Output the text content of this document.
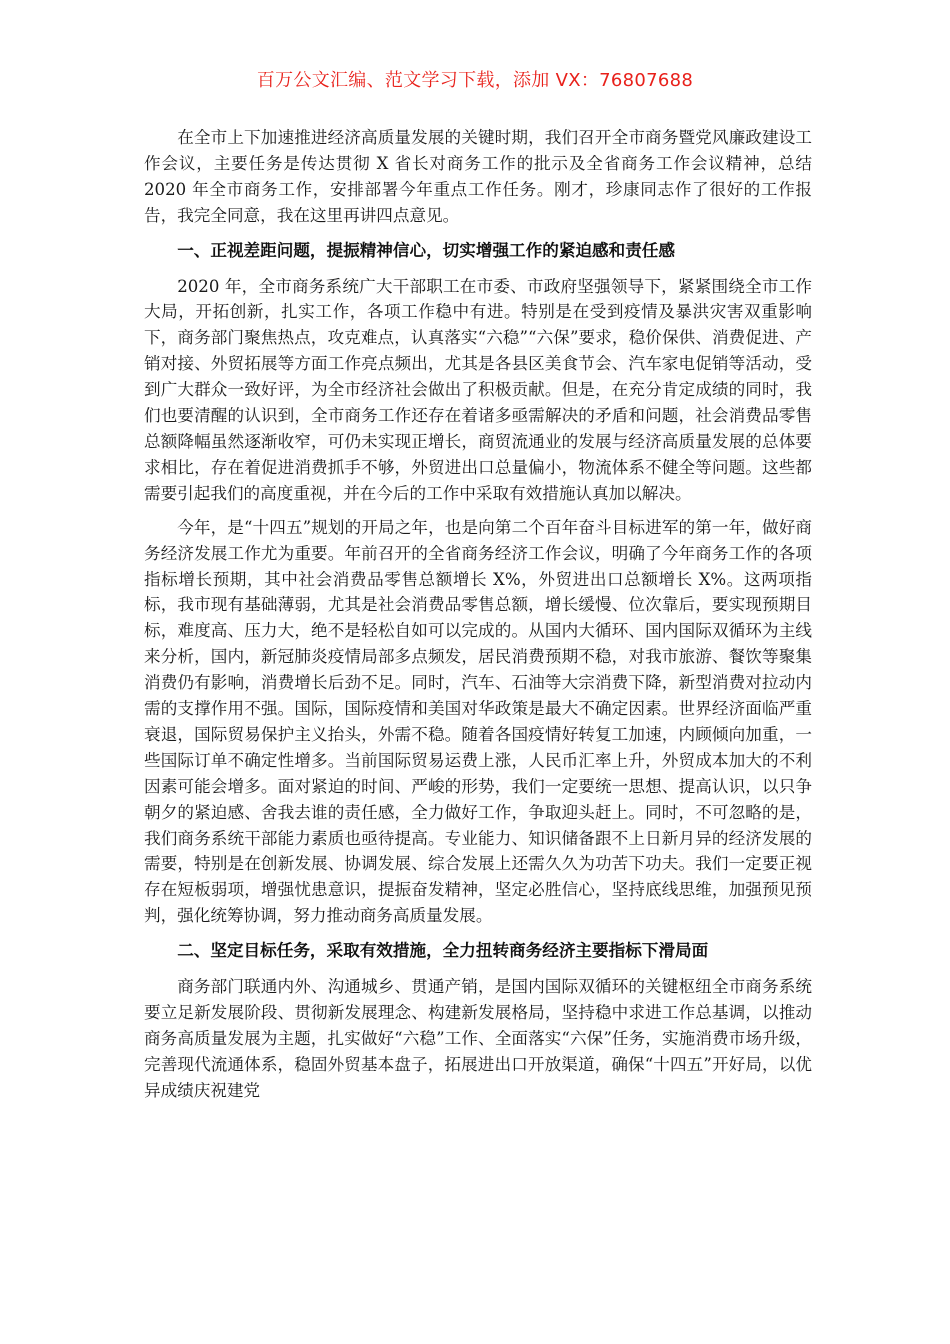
百万公文汇编、范文学习下载，添加 VX：76807688

在全市上下加速推进经济高质量发展的关键时期，我们召开全市商务暨党风廉政建设工作会议，主要任务是传达贯彻 X 省长对商务工作的批示及全省商务工作会议精神，总结 2020 年全市商务工作，安排部署今年重点工作任务。刚才，珍康同志作了很好的工作报告，我完全同意，我在这里再讲四点意见。

一、正视差距问题，提振精神信心，切实增强工作的紧迫感和责任感

2020 年，全市商务系统广大干部职工在市委、市政府坚强领导下，紧紧围绕全市工作大局，开拓创新，扎实工作，各项工作稳中有进。特别是在受到疫情及暴洪灾害双重影响下，商务部门聚焦热点，攻克难点，认真落实“六稳”“六保”要求，稳价保供、消费促进、产销对接、外贸拓展等方面工作亮点频出，尤其是各县区美食节会、汽车家电促销等活动，受到广大群众一致好评，为全市经济社会做出了积极贡献。但是，在充分肯定成绩的同时，我们也要清醒的认识到，全市商务工作还存在着诸多亟需解决的矛盾和问题，社会消费品零售总额降幅虽然逐渐收窄，可仍未实现正增长，商贸流通业的发展与经济高质量发展的总体要求相比，存在着促进消费抓手不够，外贸进出口总量偏小，物流体系不健全等问题。这些都需要引起我们的高度重视，并在今后的工作中采取有效措施认真加以解决。

今年，是“十四五”规划的开局之年，也是向第二个百年奋斗目标进军的第一年，做好商务经济发展工作尤为重要。年前召开的全省商务经济工作会议，明确了今年商务工作的各项指标增长预期，其中社会消费品零售总额增长 X%，外贸进出口总额增长 X%。这两项指标，我市现有基础薄弱，尤其是社会消费品零售总额，增长缓慢、位次靠后，要实现预期目标，难度高、压力大，绝不是轻松自如可以完成的。从国内大循环、国内国际双循环为主线来分析，国内，新冠肺炎疫情局部多点频发，居民消费预期不稳，对我市旅游、餐饮等聚集消费仍有影响，消费增长后劲不足。同时，汽车、石油等大宗消费下降，新型消费对拉动内需的支撑作用不强。国际，国际疫情和美国对华政策是最大不确定因素。世界经济面临严重衰退，国际贸易保护主义抬头，外需不稳。随着各国疫情好转复工加速，内顾倾向加重，一些国际订单不确定性增多。当前国际贸易运费上涨，人民币汇率上升，外贸成本加大的不利因素可能会增多。面对紧迫的时间、严峻的形势，我们一定要统一思想、提高认识，以只争朝夕的紧迫感、舍我去谁的责任感，全力做好工作，争取迎头赶上。同时，不可忽略的是，我们商务系统干部能力素质也亟待提高。专业能力、知识储备跟不上日新月异的经济发展的需要，特别是在创新发展、协调发展、综合发展上还需久久为功苦下功夫。我们一定要正视存在短板弱项，增强忧患意识，提振奋发精神，坚定必胜信心，坚持底线思维，加强预见预判，强化统筹协调，努力推动商务高质量发展。

二、坚定目标任务，采取有效措施，全力扭转商务经济主要指标下滑局面

商务部门联通内外、沟通城乡、贯通产销，是国内国际双循环的关键枢纽全市商务系统要立足新发展阶段、贯彻新发展理念、构建新发展格局，坚持稳中求进工作总基调，以推动商务高质量发展为主题，扎实做好“六稳”工作、全面落实“六保”任务，实施消费市场升级，完善现代流通体系，稳固外贸基本盘子，拓展进出口开放渠道，确保“十四五”开好局，以优异成绩庆祝建党
